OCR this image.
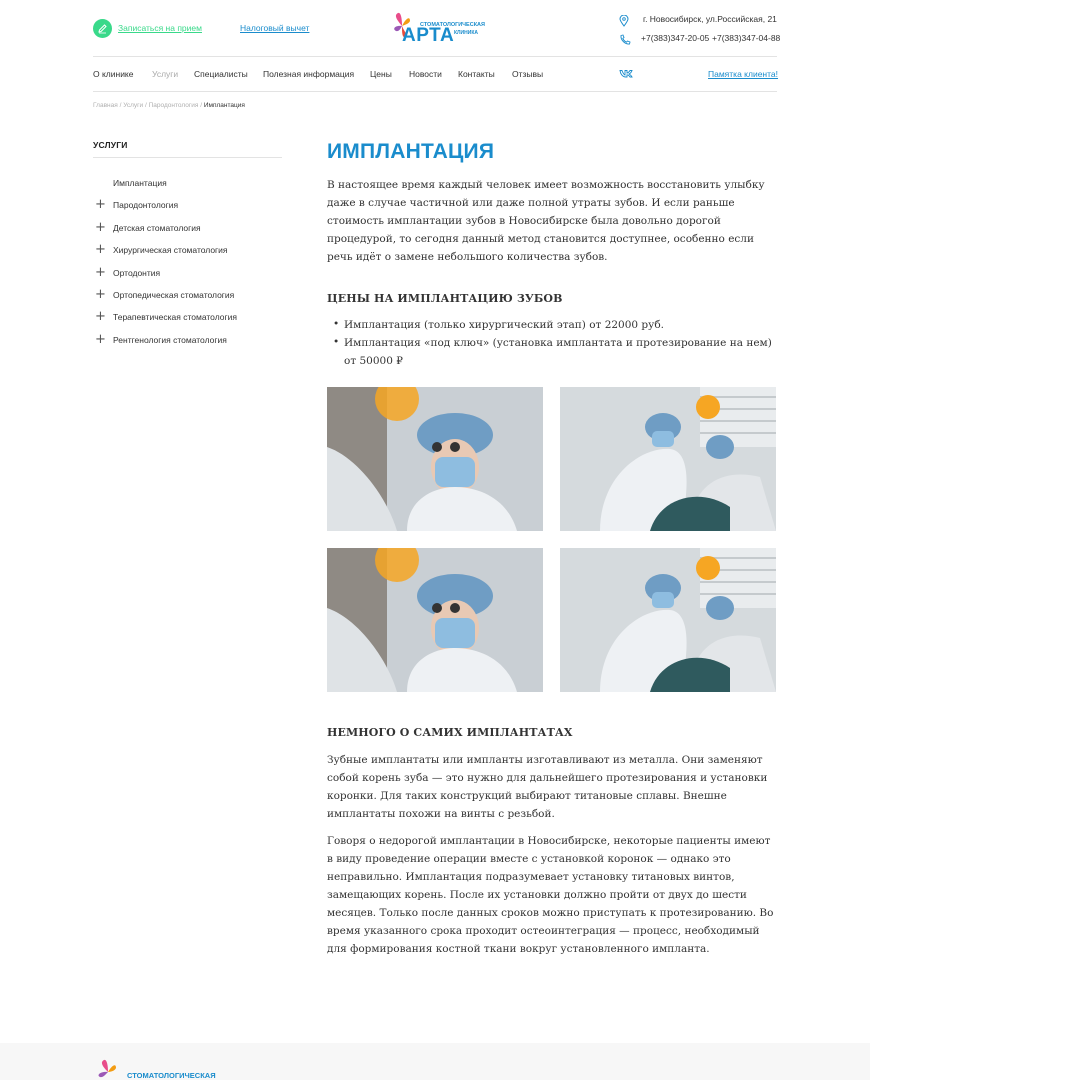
Записаться на прием	Налоговый вычет	СТОМАТОЛОГИЧЕСКАЯ
АРТА КЛИНИКА
г. Новосибирск, ул.Российская, 21
+7(383)347-20-05 +7(383)347-04-88
О клинике Услуги Специалисты Полезная информация Цены Новости Контакты Отзывы	Памятка клиента!
Главная / Услуги / Пародонтология / Имплантация
УСЛУГИ
Имплантация
+ Пародонтология
+ Детская стоматология
+ Хирургическая стоматология
+ Ортодонтия
+ Ортопедическая стоматология
+ Терапевтическая стоматология
+ Рентгенология стоматология
ИМПЛАНТАЦИЯ

В настоящее время каждый человек имеет возможность восстановить улыбку даже в случае частичной или даже полной утраты зубов. И если раньше стоимость имплантации зубов в Новосибирске была довольно дорогой процедурой, то сегодня данный метод становится доступнее, особенно если речь идёт о замене небольшого количества зубов.

ЦЕНЫ НА ИМПЛАНТАЦИЮ ЗУБОВ
• Имплантация (только хирургический этап) от 22000 руб.

• Имплантация «под ключ» (установка имплантата и протезирование на нем) от 50000 ₽

НЕМНОГО О САМИХ ИМПЛАНТАТАХ

Зубные имплантаты или импланты изготавливают из металла. Они заменяют собой корень зуба — это нужно для дальнейшего протезирования и установки коронки. Для таких конструкций выбирают титановые сплавы. Внешне имплантаты похожи на винты с резьбой.

Говоря о недорогой имплантации в Новосибирске, некоторые пациенты имеют в виду проведение операции вместе с установкой коронок — однако это неправильно. Имплантация подразумевает установку титановых винтов, замещающих корень. После их установки должно пройти от двух до шести месяцев. Только после данных сроков можно приступать к протезированию. Во время указанного срока проходит остеоинтеграция — процесс, необходимый для формирования костной ткани вокруг установленного импланта.

СТОМАТОЛОГИЧЕСКАЯ
